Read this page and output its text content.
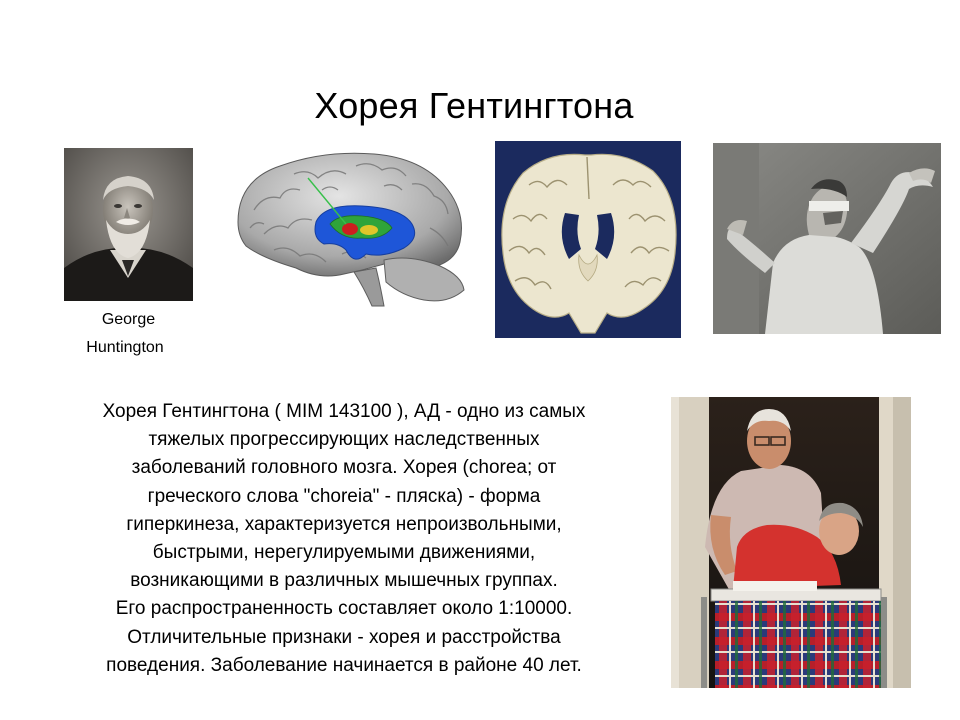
Хорея Гентингтона
George
Huntington
Хорея Гентингтона ( MIM 143100 ), АД - одно из самых
тяжелых прогрессирующих наследственных
заболеваний головного мозга. Хорея (chorea; от
греческого слова "choreia" - пляска) - форма
гиперкинеза, характеризуется непроизвольными,
быстрыми, нерегулируемыми движениями,
возникающими в различных мышечных группах.
Его распространенность составляет около 1:10000.
Отличительные признаки - хорея и расстройства
поведения. Заболевание начинается в районе 40 лет.
